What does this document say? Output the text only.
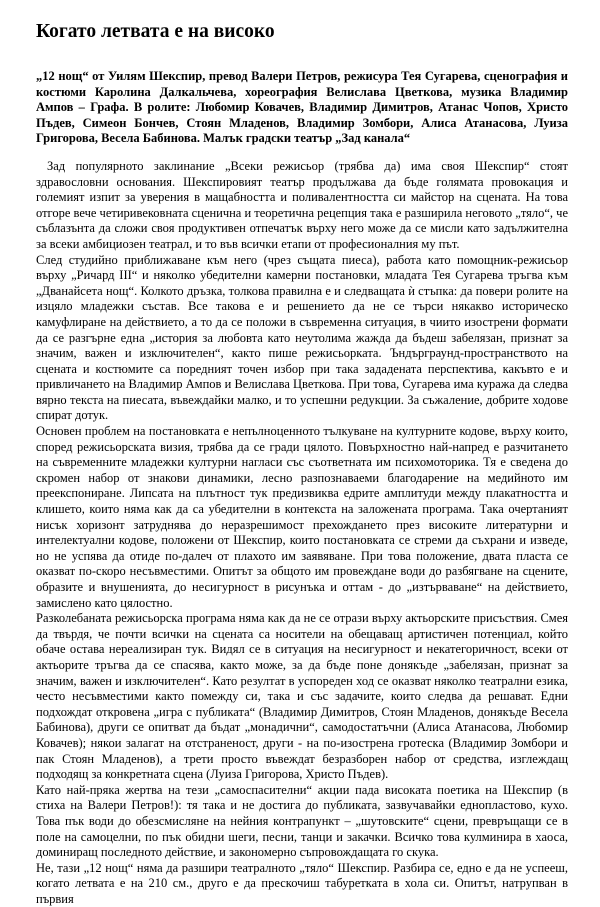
Когато летвата е на високо
„12 нощ“ от Уилям Шекспир, превод Валери Петров, режисура Тея Сугарева, сценография и костюми Каролина Далкальчева, хореография Велислава Цветкова, музика Владимир Ампов – Графа. В ролите: Любомир Ковачев, Владимир Димитров, Атанас Чопов, Христо Пъдев, Симеон Бончев, Стоян Младенов, Владимир Зомбори, Алиса Атанасова, Луиза Григорова, Весела Бабинова. Малък градски театър „Зад канала“

Зад популярното заклинание „Всеки режисьор (трябва да) има своя Шекспир“ стоят здравословни основания. Шекспировият театър продължава да бъде голямата провокация и големият изпит за уверения в мащабността и поливалентността си майстор на сцената. На това отгоре вече четиривековната сценична и теоретична рецепция така е разширила неговото „тяло“, че съблазънта да сложи своя продуктивен отпечатък върху него може да се мисли като задължителна за всеки амбициозен театрал, и то във всички етапи от професионалния му път.

След студийно приближаване към него (чрез същата пиеса), работа като помощник-режисьор върху „Ричард III“ и няколко убедителни камерни постановки, младата Тея Сугарева тръгва към „Дванайсета нощ“. Колкото дръзка, толкова правилна е и следващата ѝ стъпка: да повери ролите на изцяло младежки състав. Все такова е и решението да не се търси някакво историческо камуфлиране на действието, а то да се положи в съвременна ситуация, в чиито изострени формати да се разгърне една „история за любовта като неутолима жажда да бъдеш забелязан, признат за значим, важен и изключителен“, както пише режисьорката. Ъндърграунд-пространството на сцената и костюмите са поредният точен избор при така зададената перспектива, какъвто е и привличането на Владимир Ампов и Велислава Цветкова. При това, Сугарева има куража да следва вярно текста на пиесата, въвеждайки малко, и то успешни редукции. За съжаление, добрите ходове спират дотук.

Основен проблем на постановката е непълноценното тълкуване на културните кодове, върху които, според режисьорската визия, трябва да се гради цялото. Повърхностно най-напред е разчитането на съвременните младежки културни нагласи със съответната им психомоторика. Тя е сведена до скромен набор от знакови динамики, лесно разпознаваеми благодарение на медийното им преекспониране. Липсата на плътност тук предизвиква едрите амплитуди между плакатността и клишето, които няма как да са убедителни в контекста на заложената програма. Така очертаният нисък хоризонт затруднява до неразрешимост прехождането през високите литературни и интелектуални кодове, положени от Шекспир, които постановката се стреми да съхрани и изведе, но не успява да отиде по-далеч от плахото им заявяване. При това положение, двата пласта се оказват по-скоро несъвместими. Опитът за общото им провеждане води до разбягване на сцените, образите и внушенията, до несигурност в рисунъка и оттам - до „изтърваване“ на действието, замислено като цялостно.

Разколебаната режисьорска програма няма как да не се отрази върху актьорските присъствия. Смея да твърдя, че почти всички на сцената са носители на обещаващ артистичен потенциал, който обаче остава нереализиран тук. Видял се в ситуация на несигурност и некатегоричност, всеки от актьорите тръгва да се спасява, както може, за да бъде поне донякъде „забелязан, признат за значим, важен и изключителен“. Като резултат в успореден ход се оказват няколко театрални езика, често несъвместими както помежду си, така и със задачите, които следва да решават. Едни подхождат откровена „игра с публиката“ (Владимир Димитров, Стоян Младенов, донякъде Весела Бабинова), други се опитват да бъдат „монадични“, самодостатъчни (Алиса Атанасова, Любомир Ковачев); някои залагат на отстраненост, други - на по-изострена гротеска (Владимир Зомбори и пак Стоян Младенов), а трети просто въвеждат безразборен набор от средства, изглеждащ подходящ за конкретната сцена (Луиза Григорова, Христо Пъдев).

Като най-пряка жертва на тези „самоспасителни“ акции пада високата поетика на Шекспир (в стиха на Валери Петров!): тя така и не достига до публиката, зазвучавайки еднопластово, кухо. Това пък води до обезсмисляне на нейния контрапункт – „шутовските“ сцени, превръщащи се в поле на самоцелни, по пък обидни шеги, песни, танци и закачки. Всичко това кулминира в хаоса, доминиращ последното действие, и закономерно съпровождащата го скука.

Не, тази „12 нощ“ няма да разшири театралното „тяло“ Шекспир. Разбира се, едно е да не успееш, когато летвата е на 210 см., друго е да прескочиш табуретката в хола си. Опитът, натрупван в първия
